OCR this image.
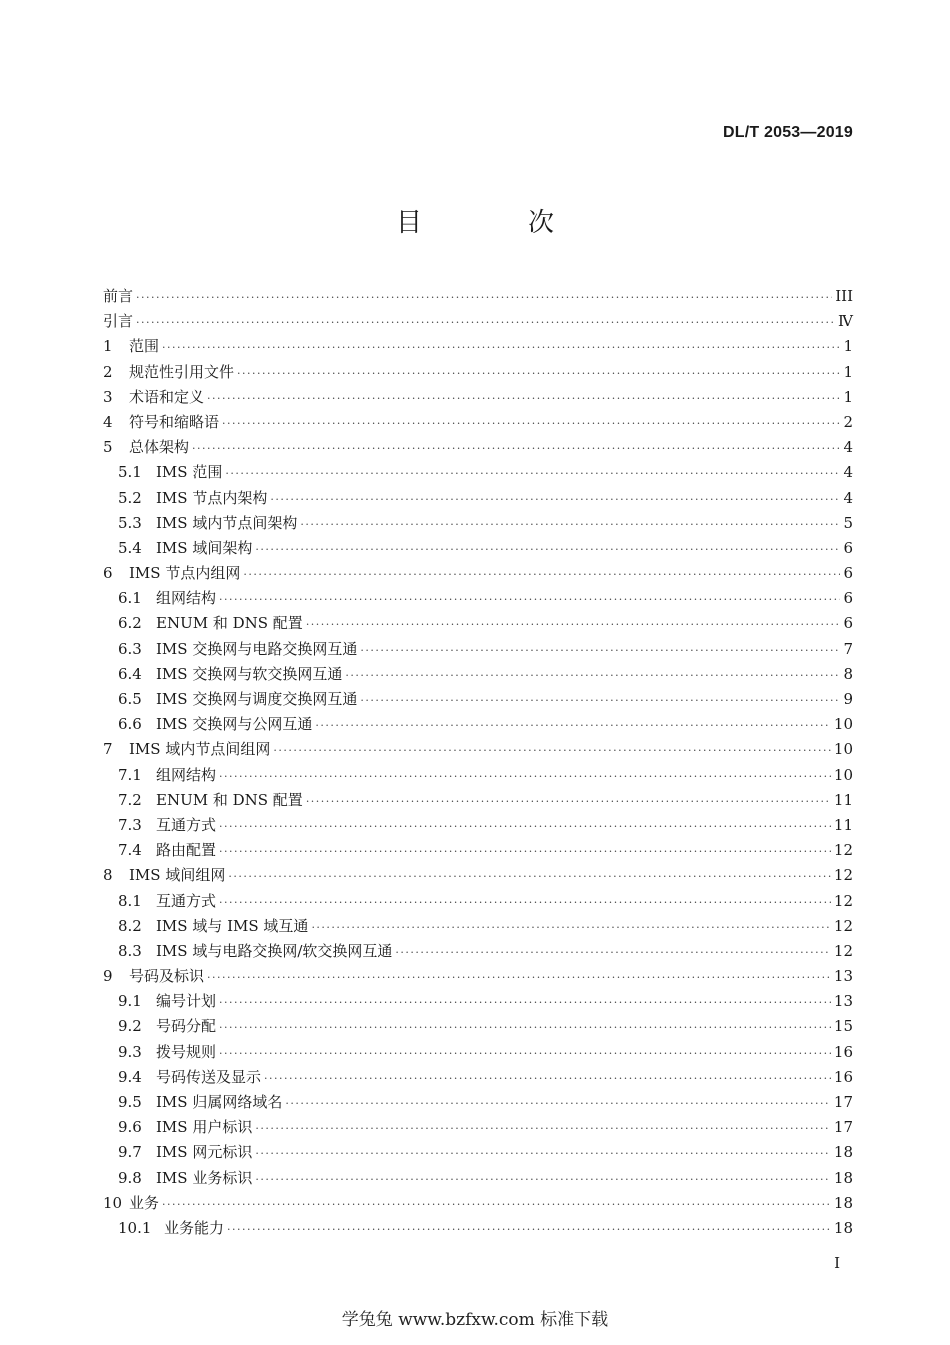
DL/T 2053—2019
目　次
前言 ·····	III
引言 ·····	Ⅳ
1	范围 ·····	1
2	规范性引用文件 ·····	1
3	术语和定义 ·····	1
4	符号和缩略语 ·····	2
5	总体架构 ·····	4
5.1 IMS 范围 ·····	4
5.2 IMS 节点内架构 ·····	4
5.3 IMS 域内节点间架构 ·····	5
5.4 IMS 域间架构 ·····	6
6	IMS 节点内组网 ·····	6
6.1 组网结构 ·····	6
6.2 ENUM 和 DNS 配置 ·····	6
6.3 IMS 交换网与电路交换网互通 ·····	7
6.4 IMS 交换网与软交换网互通 ·····	8
6.5 IMS 交换网与调度交换网互通 ·····	9
6.6 IMS 交换网与公网互通 ·····	10
7	IMS 域内节点间组网 ·····	10
7.1 组网结构 ·····	10
7.2 ENUM 和 DNS 配置 ·····	11
7.3 互通方式 ·····	11
7.4 路由配置 ·····	12
8	IMS 域间组网 ·····	12
8.1 互通方式 ·····	12
8.2 IMS 域与 IMS 域互通 ·····	12
8.3 IMS 域与电路交换网/软交换网互通 ·····	12
9	号码及标识 ·····	13
9.1 编号计划 ·····	13
9.2 号码分配 ·····	15
9.3 拨号规则 ·····	16
9.4 号码传送及显示 ·····	16
9.5 IMS 归属网络域名 ·····	17
9.6 IMS 用户标识 ·····	17
9.7 IMS 网元标识 ·····	18
9.8 IMS 业务标识 ·····	18
10 业务 ·····	18
10.1 业务能力 ·····	18
I
学兔兔 www.bzfxw.com 标准下载
